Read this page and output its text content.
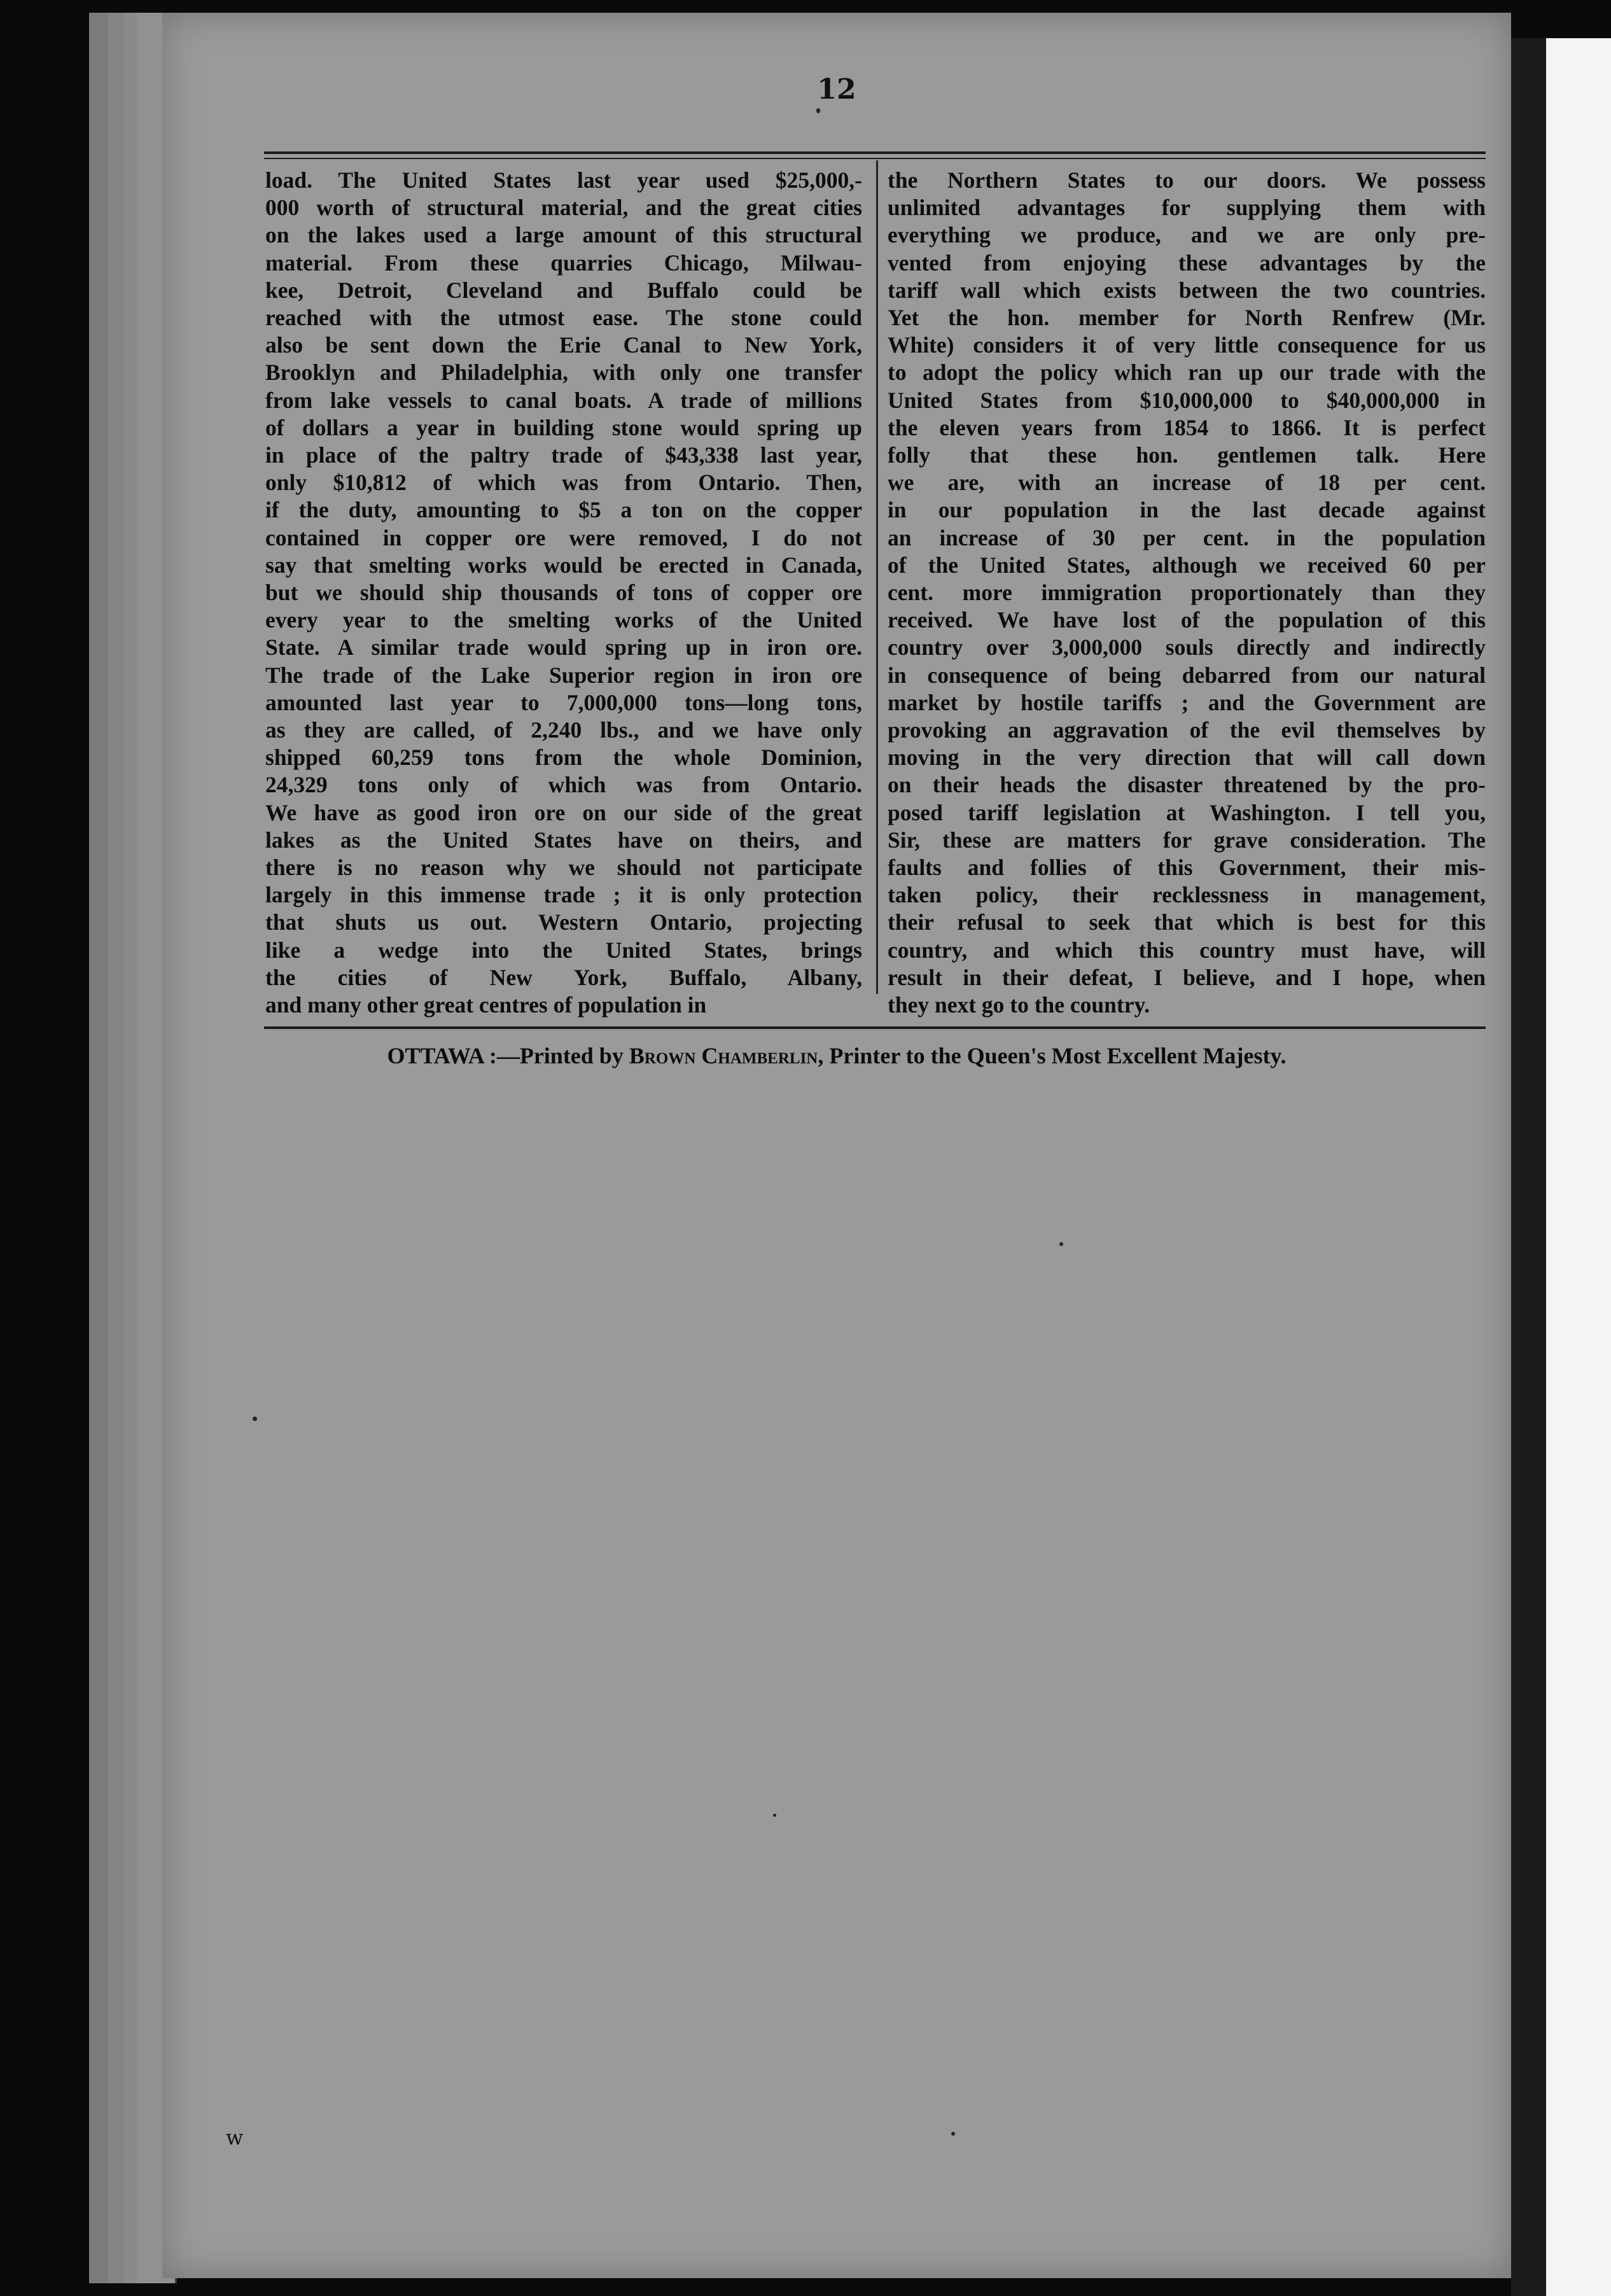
12
load. The United States last year used $25,000,-
000 worth of structural material, and the great cities
on the lakes used a large amount of this structural
material. From these quarries Chicago, Milwau-
kee, Detroit, Cleveland and Buffalo could be
reached with the utmost ease. The stone could
also be sent down the Erie Canal to New York,
Brooklyn and Philadelphia, with only one transfer
from lake vessels to canal boats. A trade of millions
of dollars a year in building stone would spring up
in place of the paltry trade of $43,338 last year,
only $10,812 of which was from Ontario. Then,
if the duty, amounting to $5 a ton on the copper
contained in copper ore were removed, I do not
say that smelting works would be erected in Canada,
but we should ship thousands of tons of copper ore
every year to the smelting works of the United
State. A similar trade would spring up in iron ore.
The trade of the Lake Superior region in iron ore
amounted last year to 7,000,000 tons—long tons,
as they are called, of 2,240 lbs., and we have only
shipped 60,259 tons from the whole Dominion,
24,329 tons only of which was from Ontario.
We have as good iron ore on our side of the great
lakes as the United States have on theirs, and
there is no reason why we should not participate
largely in this immense trade ; it is only protection
that shuts us out. Western Ontario, projecting
like a wedge into the United States, brings
the cities of New York, Buffalo, Albany,
and many other great centres of population in
the Northern States to our doors. We possess
unlimited advantages for supplying them with
everything we produce, and we are only pre-
vented from enjoying these advantages by the
tariff wall which exists between the two countries.
Yet the hon. member for North Renfrew (Mr.
White) considers it of very little consequence for us
to adopt the policy which ran up our trade with the
United States from $10,000,000 to $40,000,000 in
the eleven years from 1854 to 1866. It is perfect
folly that these hon. gentlemen talk. Here
we are, with an increase of 18 per cent.
in our population in the last decade against
an increase of 30 per cent. in the population
of the United States, although we received 60 per
cent. more immigration proportionately than they
received. We have lost of the population of this
country over 3,000,000 souls directly and indirectly
in consequence of being debarred from our natural
market by hostile tariffs ; and the Government are
provoking an aggravation of the evil themselves by
moving in the very direction that will call down
on their heads the disaster threatened by the pro-
posed tariff legislation at Washington. I tell you,
Sir, these are matters for grave consideration. The
faults and follies of this Government, their mis-
taken policy, their recklessness in management,
their refusal to seek that which is best for this
country, and which this country must have, will
result in their defeat, I believe, and I hope, when
they next go to the country.
OTTAWA :—Printed by Brown Chamberlin, Printer to the Queen's Most Excellent Majesty.
w
